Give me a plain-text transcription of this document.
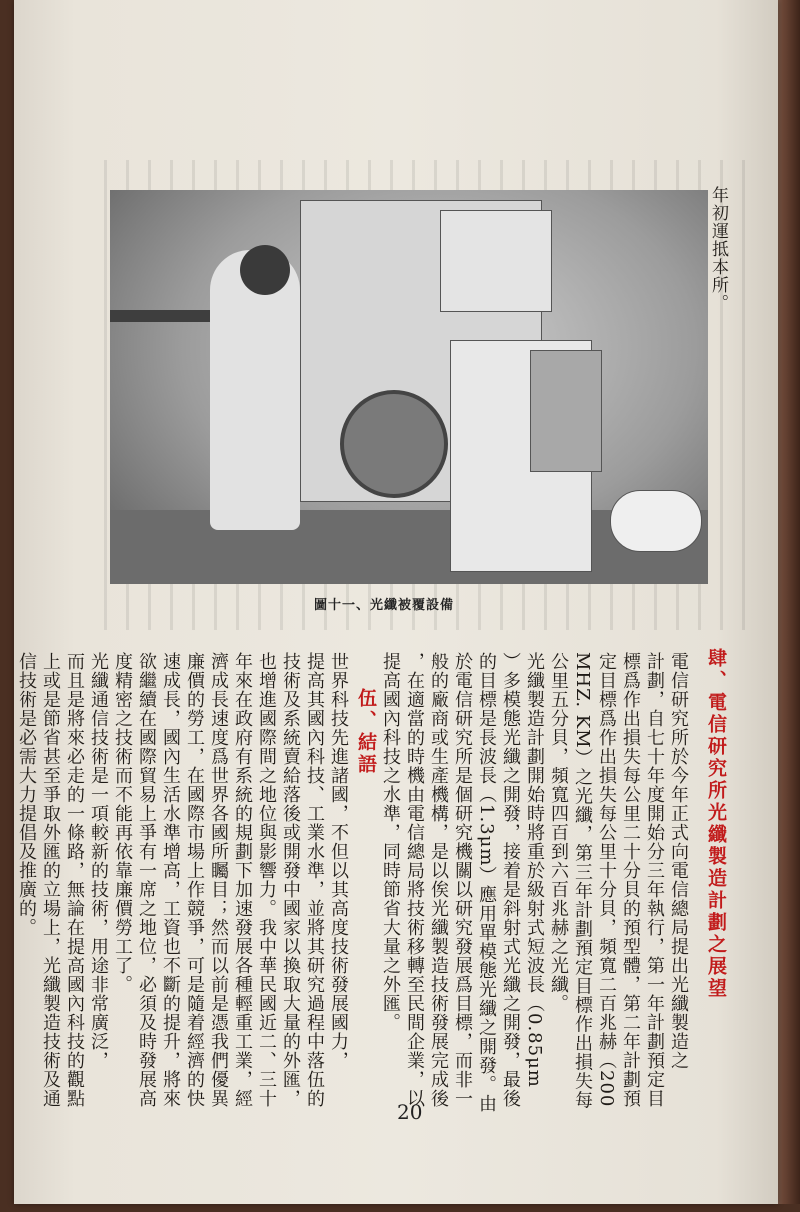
年初運抵本所。
圖十一、光纖被覆設備
肆、電信研究所光纖製造計劃之展望
電信研究所於今年正式向電信總局提出光纖製造之
計劃，自七十年度開始分三年執行，第一年計劃預定目
標爲作出損失每公里二十分貝的預型體，第二年計劃預
定目標爲作出損失每公里十分貝，頻寬二百兆赫（200
MHZ. KM）之光纖，第三年計劃預定目標作出損失每
公里五分貝，頻寬四百到六百兆赫之光纖。
光纖製造計劃開始時將重於級射式短波長（0.85μm
）多模態光纖之開發，接着是斜射式光纖之開發，最後
的目標是長波長（1.3μm）應用單模態光纖之開發。由
於電信研究所是個研究機關以研究發展爲目標，而非一
般的廠商或生產機構，是以俟光纖製造技術發展完成後
，在適當的時機由電信總局將技術移轉至民間企業，以
提高國內科技之水準，同時節省大量之外匯。
伍、結語
世界科技先進諸國，不但以其高度技術發展國力，
提高其國內科技、工業水準，並將其研究過程中落伍的
技術及系統賣給落後或開發中國家以換取大量的外匯，
也增進國際間之地位與影響力。我中華民國近二、三十
年來在政府有系統的規劃下加速發展各種輕重工業，經
濟成長速度爲世界各國所矚目；然而以前是憑我們優異
廉價的勞工，在國際市場上作競爭，可是隨着經濟的快
速成長，國內生活水準增高，工資也不斷的提升，將來
欲繼續在國際貿易上爭有一席之地位，必須及時發展高
度精密之技術而不能再依靠廉價勞工了。
光纖通信技術是一項較新的技術，用途非常廣泛，
而且是將來必走的一條路，無論在提高國內科技的觀點
上或是節省甚至爭取外匯的立場上，光纖製造技術及通
信技術是必需大力提倡及推廣的。
20
